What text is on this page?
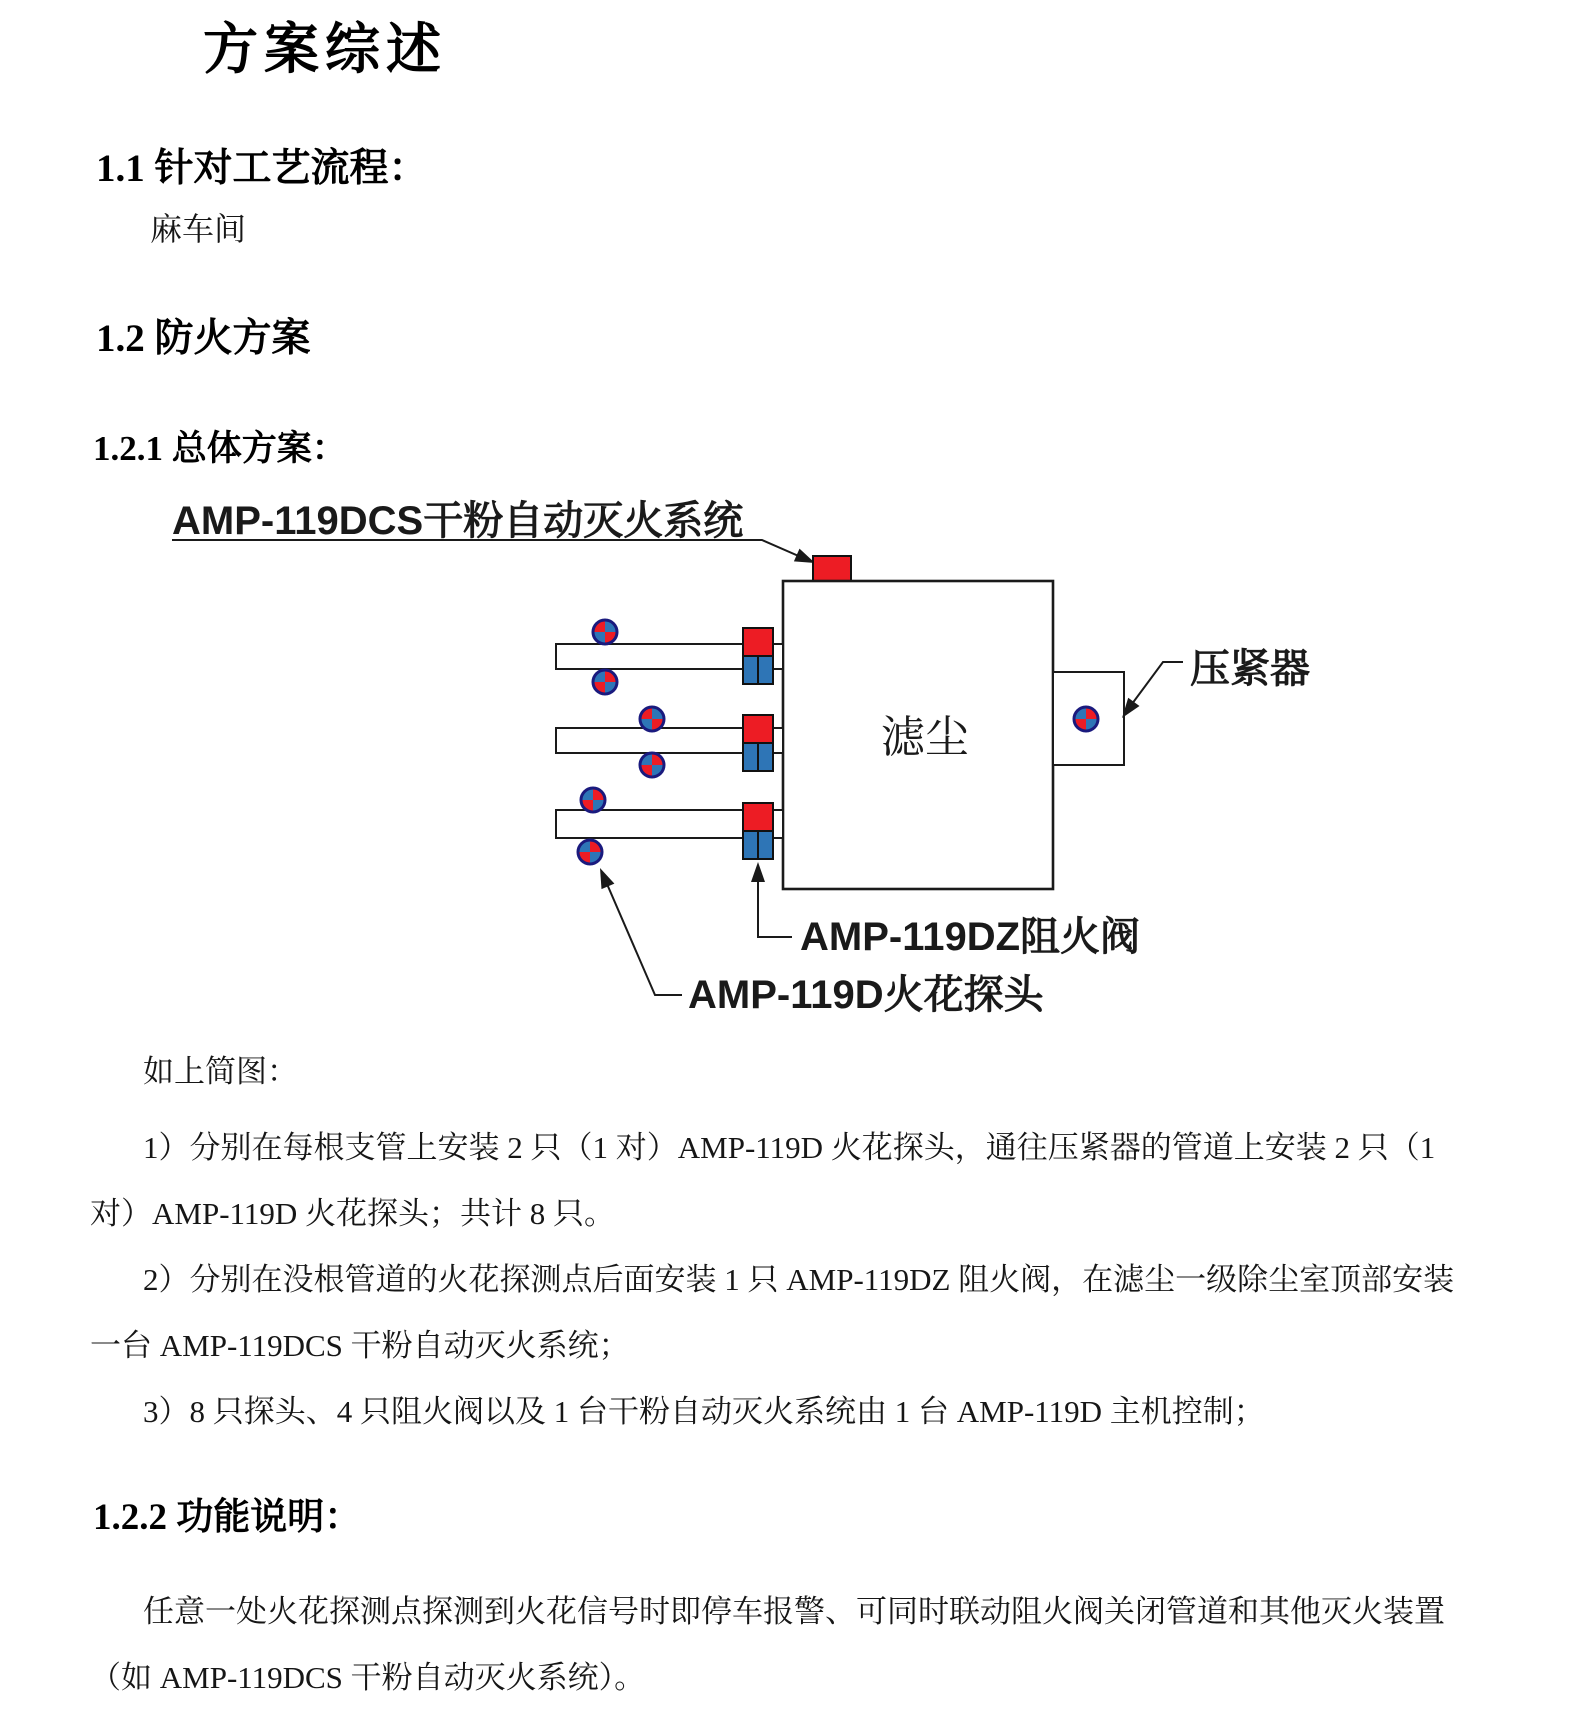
方案综述
1.1 针对工艺流程：
麻车间
1.2 防火方案
1.2.1 总体方案：
AMP-119DCS干粉自动灭火系统
滤尘
压紧器
AMP-119DZ阻火阀
AMP-119D火花探头
如上简图：
1）分别在每根支管上安装 2 只（1 对）AMP-119D 火花探头，通往压紧器的管道上安装 2 只（1
对）AMP-119D 火花探头；共计 8 只。
2）分别在没根管道的火花探测点后面安装 1 只 AMP-119DZ 阻火阀，在滤尘一级除尘室顶部安装
一台 AMP-119DCS 干粉自动灭火系统；
3）8 只探头、4 只阻火阀以及 1 台干粉自动灭火系统由 1 台 AMP-119D 主机控制；
1.2.2 功能说明：
任意一处火花探测点探测到火花信号时即停车报警、可同时联动阻火阀关闭管道和其他灭火装置
（如 AMP-119DCS 干粉自动灭火系统）。
